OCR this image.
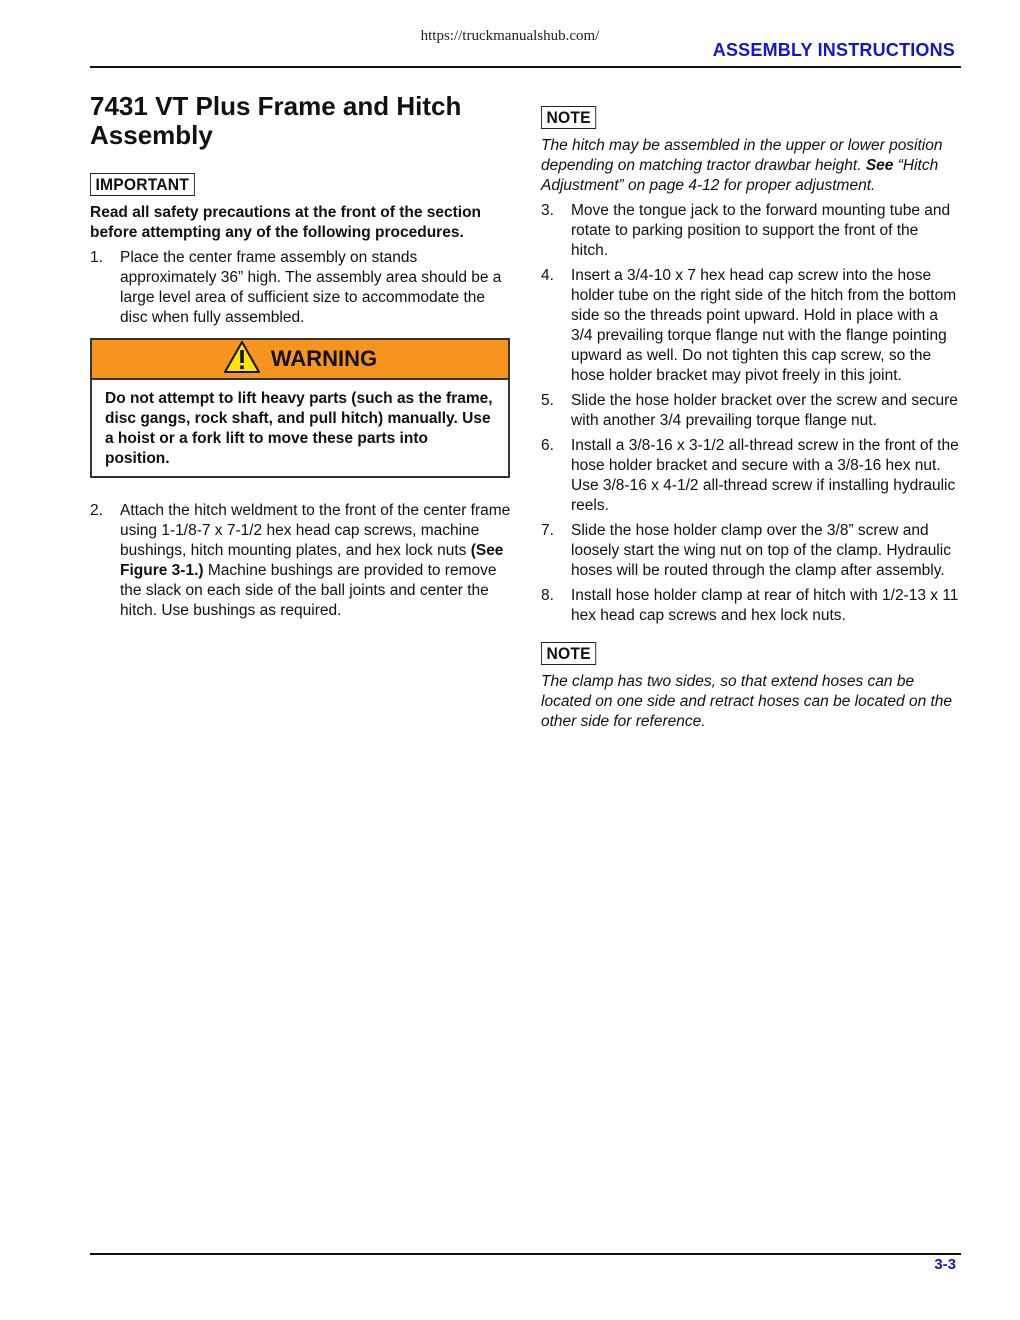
https://truckmanualshub.com/
ASSEMBLY INSTRUCTIONS
7431 VT Plus Frame and Hitch
Assembly
IMPORTANT
Read all safety precautions at the front of the section before attempting any of the following procedures.
1. Place the center frame assembly on stands approximately 36” high. The assembly area should be a large level area of sufficient size to accommodate the disc when fully assembled.
WARNING
Do not attempt to lift heavy parts (such as the frame, disc gangs, rock shaft, and pull hitch) manually. Use a hoist or a fork lift to move these parts into position.
2. Attach the hitch weldment to the front of the center frame using 1-1/8-7 x 7-1/2 hex head cap screws, machine bushings, hitch mounting plates, and hex lock nuts (See Figure 3-1.) Machine bushings are provided to remove the slack on each side of the ball joints and center the hitch. Use bushings as required.
NOTE
The hitch may be assembled in the upper or lower position depending on matching tractor drawbar height. See “Hitch Adjustment” on page 4-12 for proper adjustment.
3. Move the tongue jack to the forward mounting tube and rotate to parking position to support the front of the hitch.
4. Insert a 3/4-10 x 7 hex head cap screw into the hose holder tube on the right side of the hitch from the bottom side so the threads point upward. Hold in place with a 3/4 prevailing torque flange nut with the flange pointing upward as well. Do not tighten this cap screw, so the hose holder bracket may pivot freely in this joint.
5. Slide the hose holder bracket over the screw and secure with another 3/4 prevailing torque flange nut.
6. Install a 3/8-16 x 3-1/2 all-thread screw in the front of the hose holder bracket and secure with a 3/8-16 hex nut. Use 3/8-16 x 4-1/2 all-thread screw if installing hydraulic reels.
7. Slide the hose holder clamp over the 3/8” screw and loosely start the wing nut on top of the clamp. Hydraulic hoses will be routed through the clamp after assembly.
8. Install hose holder clamp at rear of hitch with 1/2-13 x 11 hex head cap screws and hex lock nuts.
NOTE
The clamp has two sides, so that extend hoses can be located on one side and retract hoses can be located on the other side for reference.
3-3
